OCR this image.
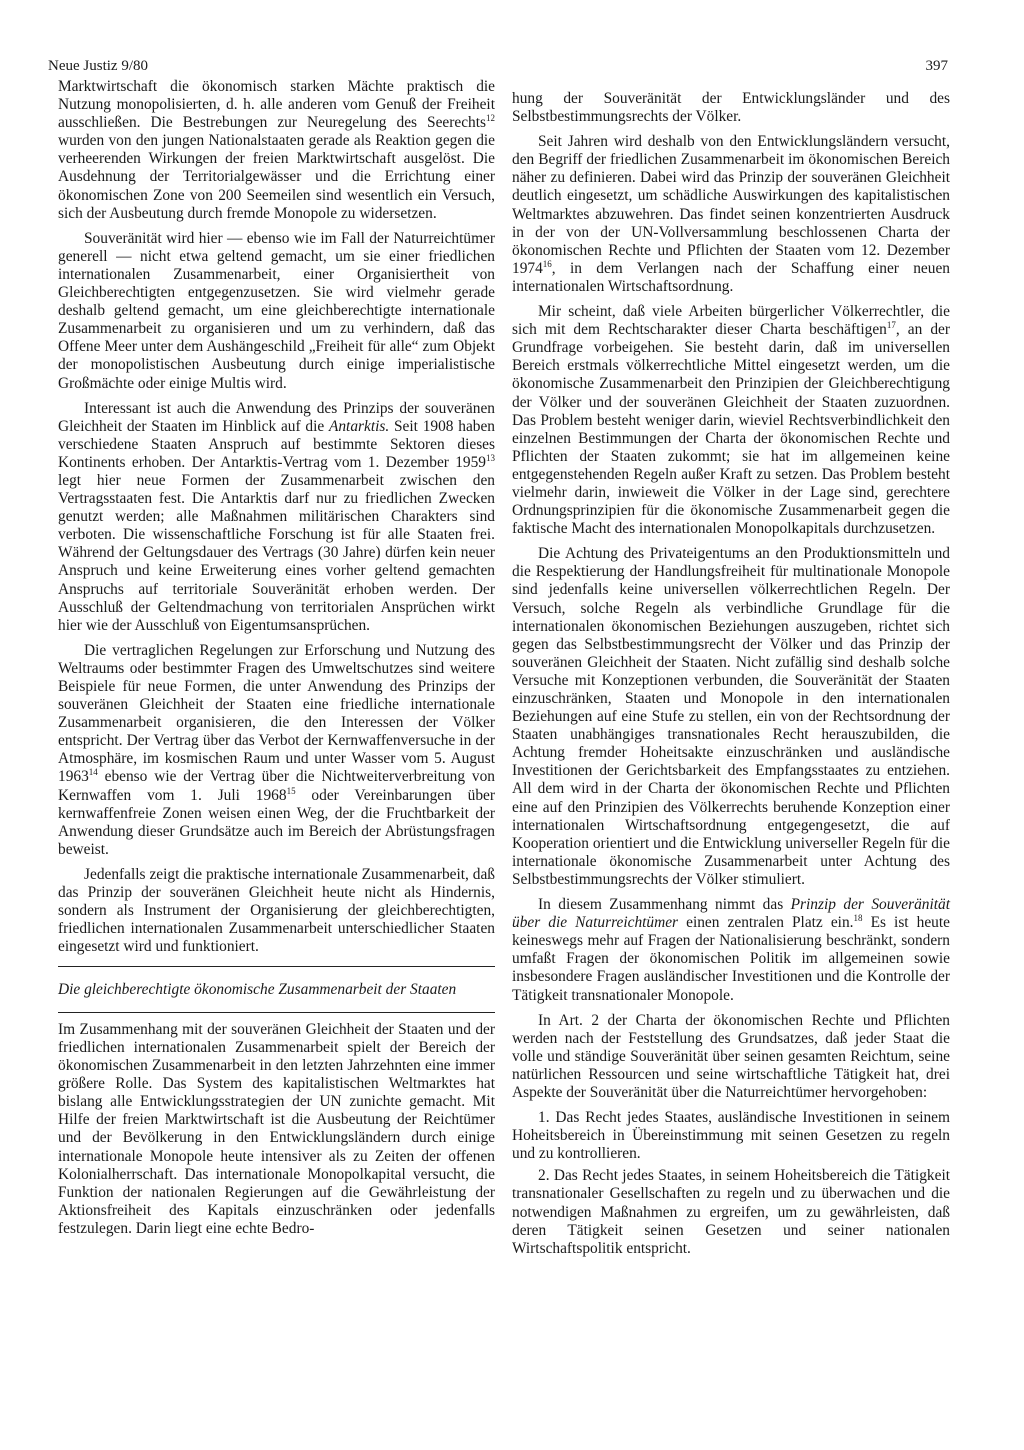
Neue Justiz 9/80	397

Marktwirtschaft die ökonomisch starken Mächte praktisch die Nutzung monopolisierten, d. h. alle anderen vom Genuß der Freiheit ausschließen. Die Bestrebungen zur Neuregelung des Seerechts$^{12}$ wurden von den jungen Nationalstaaten gerade als Reaktion gegen die verheerenden Wirkungen der freien Marktwirtschaft ausgelöst. Die Ausdehnung der Territorialgewässer und die Errichtung einer ökonomischen Zone von 200 Seemeilen sind wesentlich ein Versuch, sich der Ausbeutung durch fremde Monopole zu widersetzen.

Souveränität wird hier — ebenso wie im Fall der Naturreichtümer generell — nicht etwa geltend gemacht, um sie einer friedlichen internationalen Zusammenarbeit, einer Organisiertheit von Gleichberechtigten entgegenzusetzen. Sie wird vielmehr gerade deshalb geltend gemacht, um eine gleichberechtigte internationale Zusammenarbeit zu organisieren und um zu verhindern, daß das Offene Meer unter dem Aushängeschild „Freiheit für alle“ zum Objekt der monopolistischen Ausbeutung durch einige imperialistische Großmächte oder einige Multis wird.

Interessant ist auch die Anwendung des Prinzips der souveränen Gleichheit der Staaten im Hinblick auf die Antarktis. Seit 1908 haben verschiedene Staaten Anspruch auf bestimmte Sektoren dieses Kontinents erhoben. Der Antarktis-Vertrag vom 1. Dezember 1959$^{13}$ legt hier neue Formen der Zusammenarbeit zwischen den Vertragsstaaten fest. Die Antarktis darf nur zu friedlichen Zwecken genutzt werden; alle Maßnahmen militärischen Charakters sind verboten. Die wissenschaftliche Forschung ist für alle Staaten frei. Während der Geltungsdauer des Vertrags (30 Jahre) dürfen kein neuer Anspruch und keine Erweiterung eines vorher geltend gemachten Anspruchs auf territoriale Souveränität erhoben werden. Der Ausschluß der Geltendmachung von territorialen Ansprüchen wirkt hier wie der Ausschluß von Eigentumsansprüchen.

Die vertraglichen Regelungen zur Erforschung und Nutzung des Weltraums oder bestimmter Fragen des Umweltschutzes sind weitere Beispiele für neue Formen, die unter Anwendung des Prinzips der souveränen Gleichheit der Staaten eine friedliche internationale Zusammenarbeit organisieren, die den Interessen der Völker entspricht. Der Vertrag über das Verbot der Kernwaffenversuche in der Atmosphäre, im kosmischen Raum und unter Wasser vom 5. August 1963$^{14}$ ebenso wie der Vertrag über die Nichtweiterverbreitung von Kernwaffen vom 1. Juli 1968$^{15}$ oder Vereinbarungen über kernwaffenfreie Zonen weisen einen Weg, der die Fruchtbarkeit der Anwendung dieser Grundsätze auch im Bereich der Abrüstungsfragen beweist.

Jedenfalls zeigt die praktische internationale Zusammenarbeit, daß das Prinzip der souveränen Gleichheit heute nicht als Hindernis, sondern als Instrument der Organisierung der gleichberechtigten, friedlichen internationalen Zusammenarbeit unterschiedlicher Staaten eingesetzt wird und funktioniert.

Die gleichberechtigte ökonomische Zusammenarbeit der Staaten

Im Zusammenhang mit der souveränen Gleichheit der Staaten und der friedlichen internationalen Zusammenarbeit spielt der Bereich der ökonomischen Zusammenarbeit in den letzten Jahrzehnten eine immer größere Rolle. Das System des kapitalistischen Weltmarktes hat bislang alle Entwicklungsstrategien der UN zunichte gemacht. Mit Hilfe der freien Marktwirtschaft ist die Ausbeutung der Reichtümer und der Bevölkerung in den Entwicklungsländern durch einige internationale Monopole heute intensiver als zu Zeiten der offenen Kolonialherrschaft. Das internationale Monopolkapital versucht, die Funktion der nationalen Regierungen auf die Gewährleistung der Aktionsfreiheit des Kapitals einzuschränken oder jedenfalls festzulegen. Darin liegt eine echte Bedro-

hung der Souveränität der Entwicklungsländer und des Selbstbestimmungsrechts der Völker.

Seit Jahren wird deshalb von den Entwicklungsländern versucht, den Begriff der friedlichen Zusammenarbeit im ökonomischen Bereich näher zu definieren. Dabei wird das Prinzip der souveränen Gleichheit deutlich eingesetzt, um schädliche Auswirkungen des kapitalistischen Weltmarktes abzuwehren. Das findet seinen konzentrierten Ausdruck in der von der UN-Vollversammlung beschlossenen Charta der ökonomischen Rechte und Pflichten der Staaten vom 12. Dezember 1974$^{16}$, in dem Verlangen nach der Schaffung einer neuen internationalen Wirtschaftsordnung.

Mir scheint, daß viele Arbeiten bürgerlicher Völkerrechtler, die sich mit dem Rechtscharakter dieser Charta beschäftigen$^{17}$, an der Grundfrage vorbeigehen. Sie besteht darin, daß im universellen Bereich erstmals völkerrechtliche Mittel eingesetzt werden, um die ökonomische Zusammenarbeit den Prinzipien der Gleichberechtigung der Völker und der souveränen Gleichheit der Staaten zuzuordnen. Das Problem besteht weniger darin, wieviel Rechtsverbindlichkeit den einzelnen Bestimmungen der Charta der ökonomischen Rechte und Pflichten der Staaten zukommt; sie hat im allgemeinen keine entgegenstehenden Regeln außer Kraft zu setzen. Das Problem besteht vielmehr darin, inwieweit die Völker in der Lage sind, gerechtere Ordnungsprinzipien für die ökonomische Zusammenarbeit gegen die faktische Macht des internationalen Monopolkapitals durchzusetzen.

Die Achtung des Privateigentums an den Produktionsmitteln und die Respektierung der Handlungsfreiheit für multinationale Monopole sind jedenfalls keine universellen völkerrechtlichen Regeln. Der Versuch, solche Regeln als verbindliche Grundlage für die internationalen ökonomischen Beziehungen auszugeben, richtet sich gegen das Selbstbestimmungsrecht der Völker und das Prinzip der souveränen Gleichheit der Staaten. Nicht zufällig sind deshalb solche Versuche mit Konzeptionen verbunden, die Souveränität der Staaten einzuschränken, Staaten und Monopole in den internationalen Beziehungen auf eine Stufe zu stellen, ein von der Rechtsordnung der Staaten unabhängiges transnationales Recht herauszubilden, die Achtung fremder Hoheitsakte einzuschränken und ausländische Investitionen der Gerichtsbarkeit des Empfangsstaates zu entziehen. All dem wird in der Charta der ökonomischen Rechte und Pflichten eine auf den Prinzipien des Völkerrechts beruhende Konzeption einer internationalen Wirtschaftsordnung entgegengesetzt, die auf Kooperation orientiert und die Entwicklung universeller Regeln für die internationale ökonomische Zusammenarbeit unter Achtung des Selbstbestimmungsrechts der Völker stimuliert.

In diesem Zusammenhang nimmt das Prinzip der Souveränität über die Naturreichtümer einen zentralen Platz ein.$^{18}$ Es ist heute keineswegs mehr auf Fragen der Nationalisierung beschränkt, sondern umfaßt Fragen der ökonomischen Politik im allgemeinen sowie insbesondere Fragen ausländischer Investitionen und die Kontrolle der Tätigkeit transnationaler Monopole.

In Art. 2 der Charta der ökonomischen Rechte und Pflichten werden nach der Feststellung des Grundsatzes, daß jeder Staat die volle und ständige Souveränität über seinen gesamten Reichtum, seine natürlichen Ressourcen und seine wirtschaftliche Tätigkeit hat, drei Aspekte der Souveränität über die Naturreichtümer hervorgehoben:

1. Das Recht jedes Staates, ausländische Investitionen in seinem Hoheitsbereich in Übereinstimmung mit seinen Gesetzen zu regeln und zu kontrollieren.

2. Das Recht jedes Staates, in seinem Hoheitsbereich die Tätigkeit transnationaler Gesellschaften zu regeln und zu überwachen und die notwendigen Maßnahmen zu ergreifen, um zu gewährleisten, daß deren Tätigkeit seinen Gesetzen und seiner nationalen Wirtschaftspolitik entspricht.
